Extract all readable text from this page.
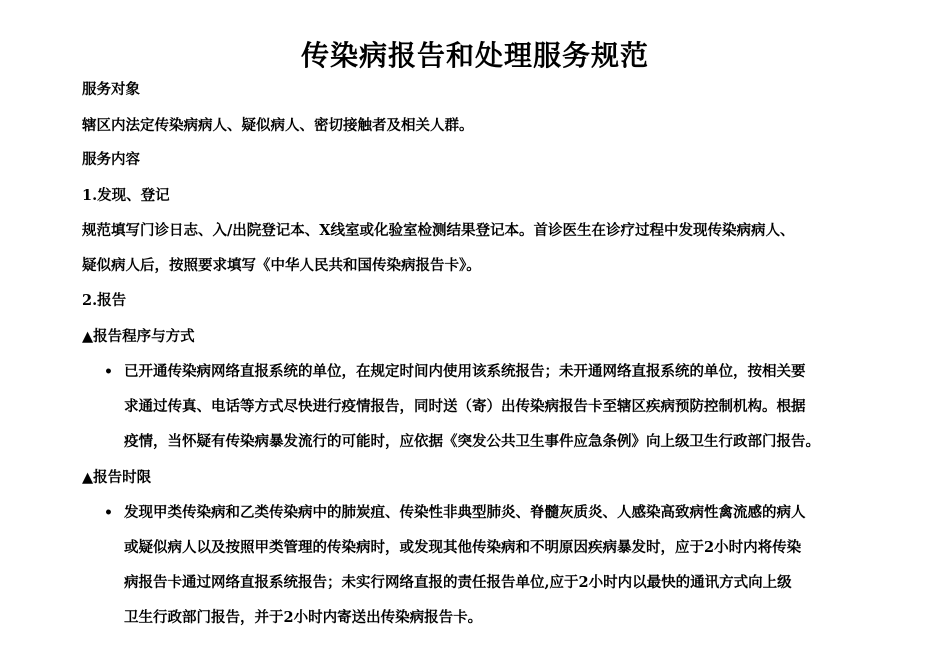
传染病报告和处理服务规范
服务对象
辖区内法定传染病病人、疑似病人、密切接触者及相关人群。
服务内容
1.发现、登记
规范填写门诊日志、入/出院登记本、X线室或化验室检测结果登记本。首诊医生在诊疗过程中发现传染病病人、
疑似病人后，按照要求填写《中华人民共和国传染病报告卡》。
2.报告
▲报告程序与方式
• 已开通传染病网络直报系统的单位，在规定时间内使用该系统报告；未开通网络直报系统的单位，按相关要
求通过传真、电话等方式尽快进行疫情报告，同时送（寄）出传染病报告卡至辖区疾病预防控制机构。根据
疫情，当怀疑有传染病暴发流行的可能时，应依据《突发公共卫生事件应急条例》向上级卫生行政部门报告。
▲报告时限
• 发现甲类传染病和乙类传染病中的肺炭疽、传染性非典型肺炎、脊髓灰质炎、人感染高致病性禽流感的病人
或疑似病人以及按照甲类管理的传染病时，或发现其他传染病和不明原因疾病暴发时，应于2小时内将传染
病报告卡通过网络直报系统报告；未实行网络直报的责任报告单位,应于2小时内以最快的通讯方式向上级
卫生行政部门报告，并于2小时内寄送出传染病报告卡。
